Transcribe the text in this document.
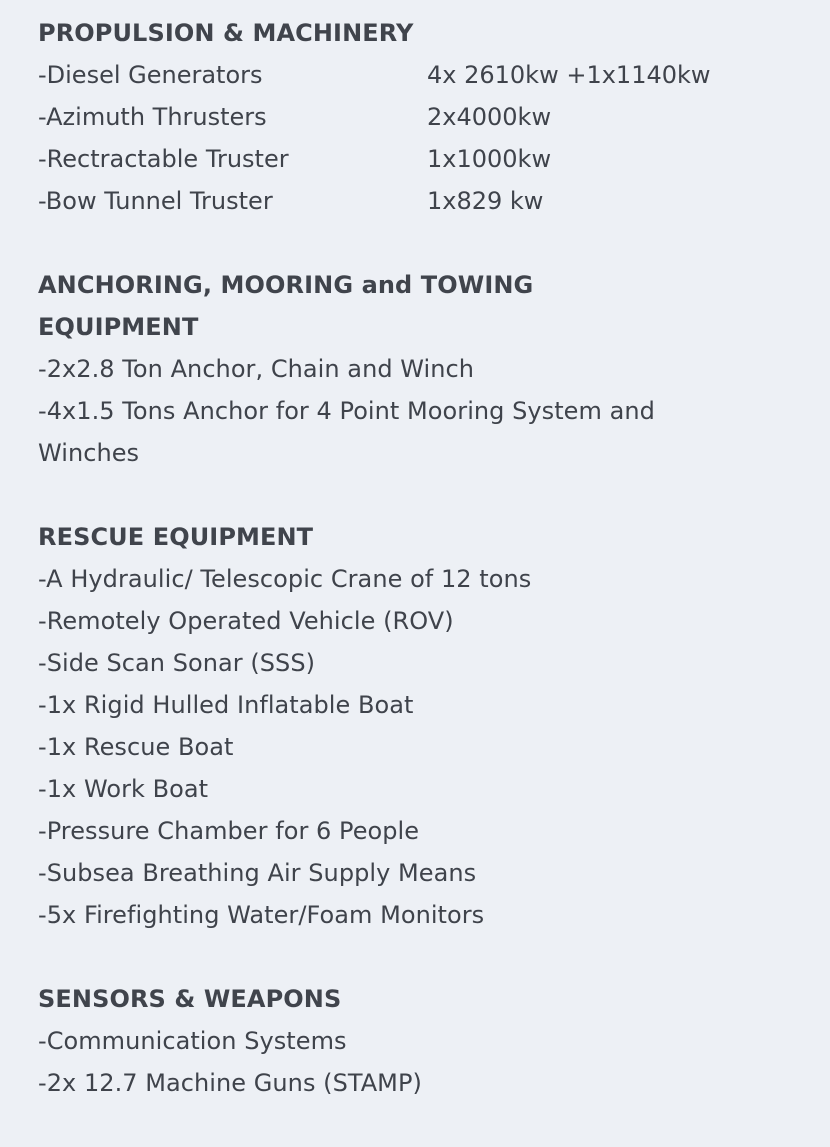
PROPULSION & MACHINERY
-Diesel Generators	4x 2610kw +1x1140kw
-Azimuth Thrusters	2x4000kw
-Rectractable Truster	1x1000kw
-Bow Tunnel Truster	1x829 kw
ANCHORING, MOORING and TOWING
EQUIPMENT
-2x2.8 Ton Anchor, Chain and Winch
-4x1.5 Tons Anchor for 4 Point Mooring System and
Winches
RESCUE EQUIPMENT
-A Hydraulic/ Telescopic Crane of 12 tons
-Remotely Operated Vehicle (ROV)
-Side Scan Sonar (SSS)
-1x Rigid Hulled Inflatable Boat
-1x Rescue Boat
-1x Work Boat
-Pressure Chamber for 6 People
-Subsea Breathing Air Supply Means
-5x Firefighting Water/Foam Monitors
SENSORS & WEAPONS
-Communication Systems
-2x 12.7 Machine Guns (STAMP)
